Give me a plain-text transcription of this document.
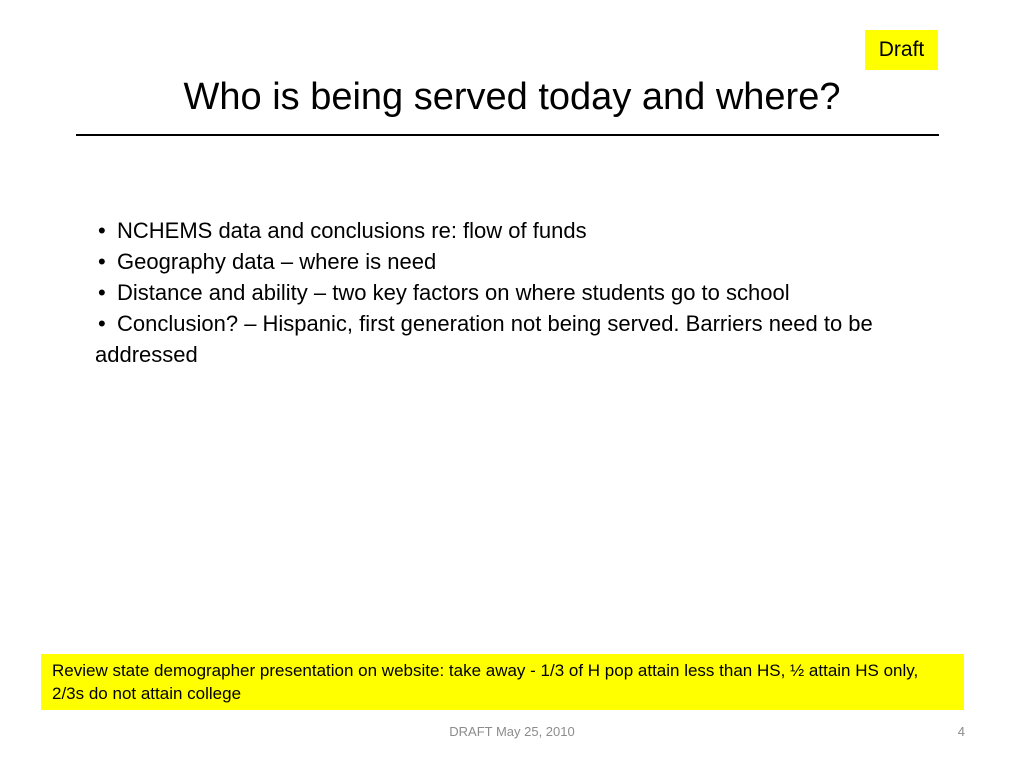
Draft
Who is being served today and where?
• NCHEMS data and conclusions re: flow of funds
• Geography data – where is need
• Distance and ability – two key factors on where students go to school
• Conclusion? – Hispanic, first generation not being served. Barriers need to be addressed
Review state demographer presentation on website: take away - 1/3 of H pop attain less than HS, ½ attain HS only, 2/3s do not attain college
DRAFT May 25, 2010	4
